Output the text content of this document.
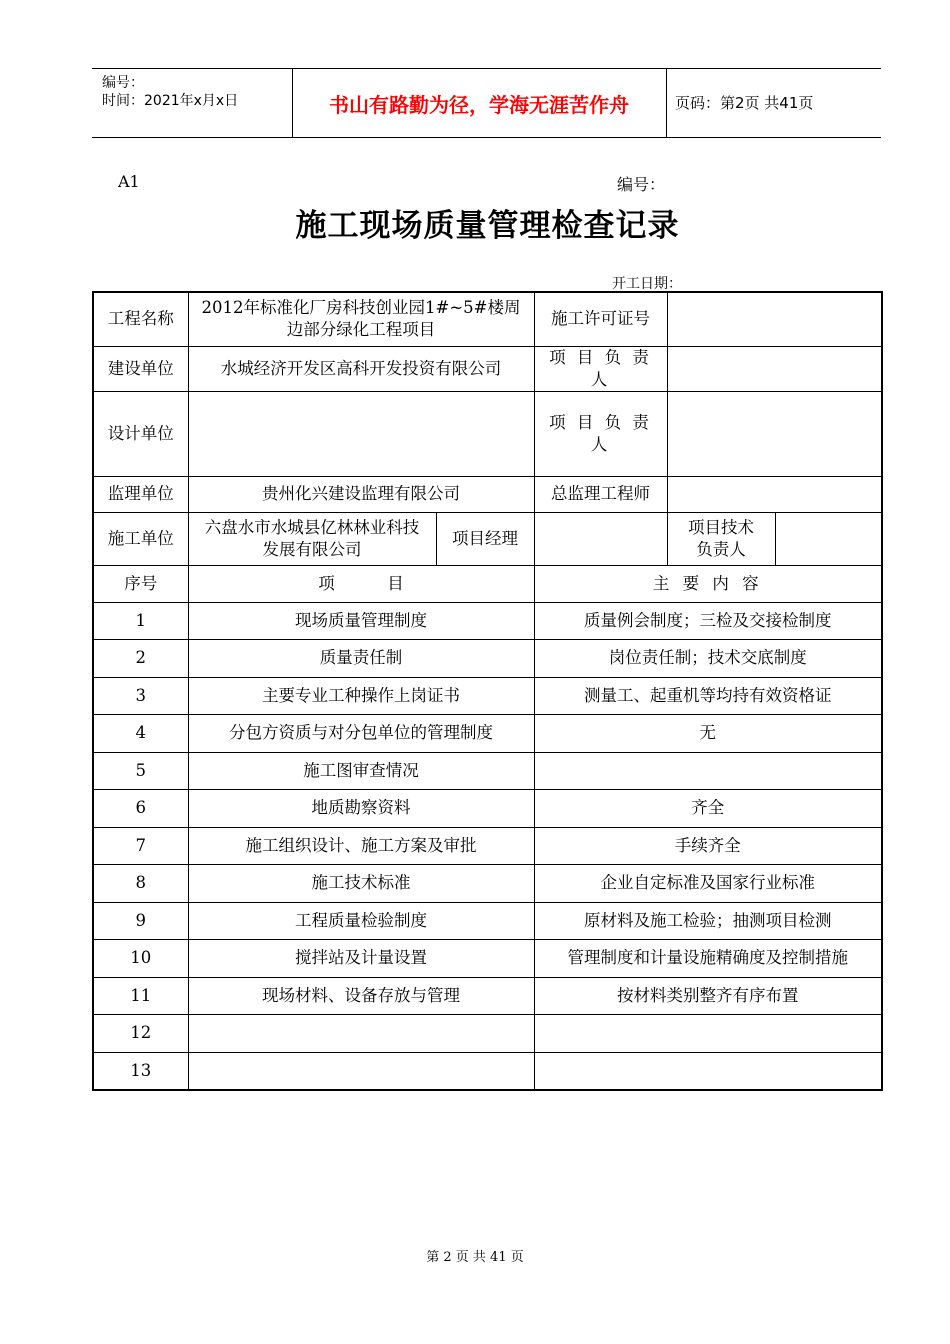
编号：
时间：2021年x月x日	书山有路勤为径，学海无涯苦作舟	页码：第2页 共41页
A1	编号：
施工现场质量管理检查记录
开工日期：
工程名称	2012年标准化厂房科技创业园1#~5#楼周边部分绿化工程项目		施工许可证号		
建设单位	水城经济开发区高科开发投资有限公司		项 目 负 责 人		
设计单位			项 目 负 责 人		
监理单位	贵州化兴建设监理有限公司		总监理工程师		
施工单位	六盘水市水城县亿林林业科技发展有限公司	项目经理		项目技术负责人	
序号	项          目		主 要 内 容		
1	现场质量管理制度		质量例会制度；三检及交接检制度		
2	质量责任制		岗位责任制；技术交底制度		
3	主要专业工种操作上岗证书		测量工、起重机等均持有效资格证		
4	分包方资质与对分包单位的管理制度		无		
5	施工图审查情况				
6	地质勘察资料		齐全		
7	施工组织设计、施工方案及审批		手续齐全		
8	施工技术标准		企业自定标准及国家行业标准		
9	工程质量检验制度		原材料及施工检验；抽测项目检测		
10	搅拌站及计量设置		管理制度和计量设施精确度及控制措施		
11	现场材料、设备存放与管理		按材料类别整齐有序布置		
12					
13					
第 2 页 共 41 页
